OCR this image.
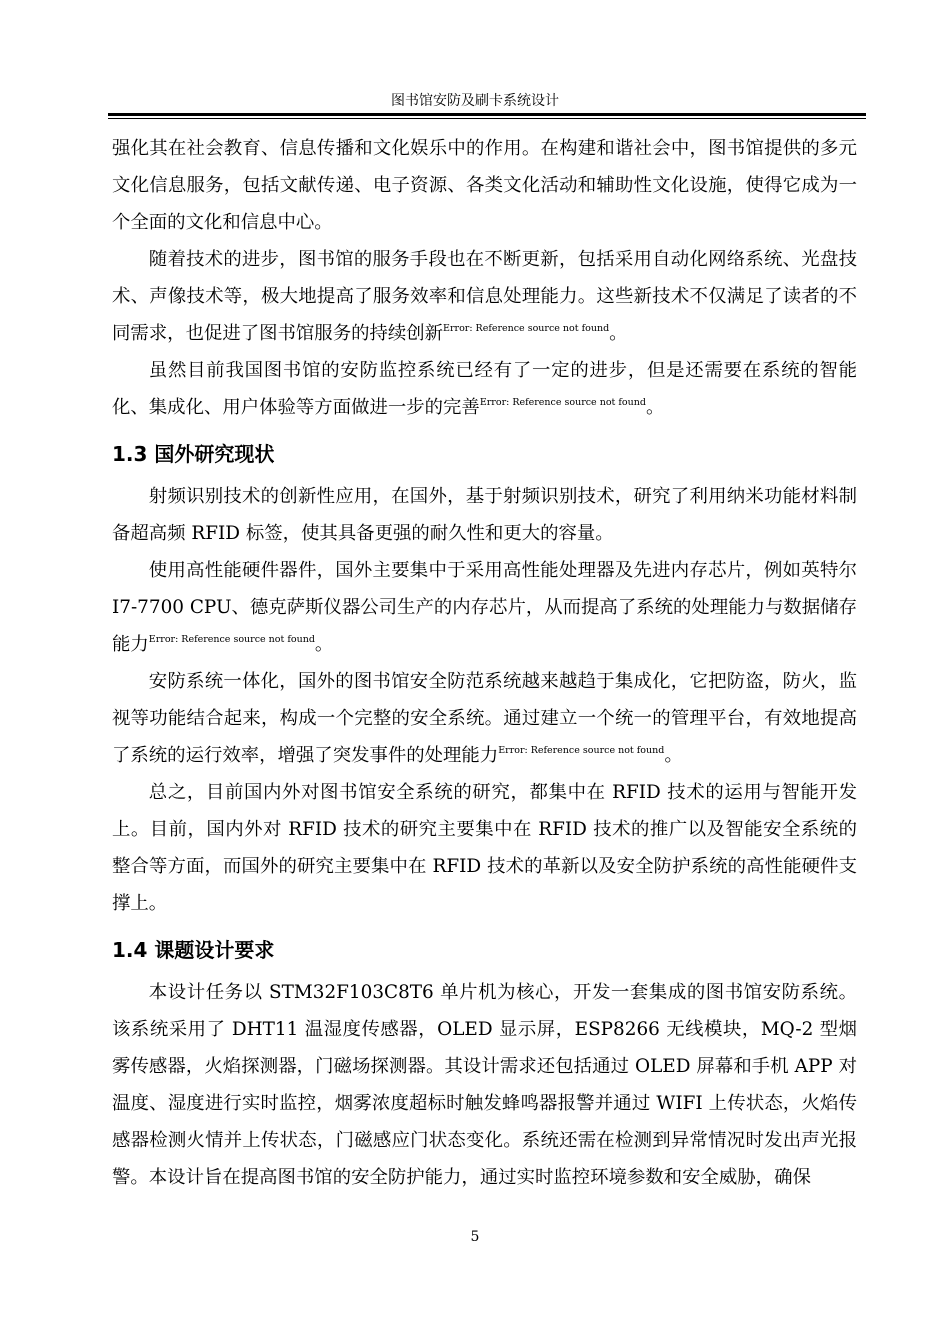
图书馆安防及刷卡系统设计

强化其在社会教育、信息传播和文化娱乐中的作用。在构建和谐社会中，图书馆提供的多元文化信息服务，包括文献传递、电子资源、各类文化活动和辅助性文化设施，使得它成为一个全面的文化和信息中心。

随着技术的进步，图书馆的服务手段也在不断更新，包括采用自动化网络系统、光盘技术、声像技术等，极大地提高了服务效率和信息处理能力。这些新技术不仅满足了读者的不同需求，也促进了图书馆服务的持续创新$^{Error: Reference source not found}$。

虽然目前我国图书馆的安防监控系统已经有了一定的进步，但是还需要在系统的智能化、集成化、用户体验等方面做进一步的完善$^{Error: Reference source not found}$。

1.3 国外研究现状

射频识别技术的创新性应用，在国外，基于射频识别技术，研究了利用纳米功能材料制备超高频 RFID 标签，使其具备更强的耐久性和更大的容量。

使用高性能硬件器件，国外主要集中于采用高性能处理器及先进内存芯片，例如英特尔 I7-7700 CPU、德克萨斯仪器公司生产的内存芯片，从而提高了系统的处理能力与数据储存能力$^{Error: Reference source not found}$。

安防系统一体化，国外的图书馆安全防范系统越来越趋于集成化，它把防盗，防火，监视等功能结合起来，构成一个完整的安全系统。通过建立一个统一的管理平台，有效地提高了系统的运行效率，增强了突发事件的处理能力$^{Error: Reference source not found}$。

总之，目前国内外对图书馆安全系统的研究，都集中在 RFID 技术的运用与智能开发上。目前，国内外对 RFID 技术的研究主要集中在 RFID 技术的推广以及智能安全系统的整合等方面，而国外的研究主要集中在 RFID 技术的革新以及安全防护系统的高性能硬件支撑上。

1.4 课题设计要求

本设计任务以 STM32F103C8T6 单片机为核心，开发一套集成的图书馆安防系统。该系统采用了 DHT11 温湿度传感器，OLED 显示屏，ESP8266 无线模块，MQ-2 型烟雾传感器，火焰探测器，门磁场探测器。其设计需求还包括通过 OLED 屏幕和手机 APP 对温度、湿度进行实时监控，烟雾浓度超标时触发蜂鸣器报警并通过 WIFI 上传状态，火焰传感器检测火情并上传状态，门磁感应门状态变化。系统还需在检测到异常情况时发出声光报警。本设计旨在提高图书馆的安全防护能力，通过实时监控环境参数和安全威胁，确保

5
